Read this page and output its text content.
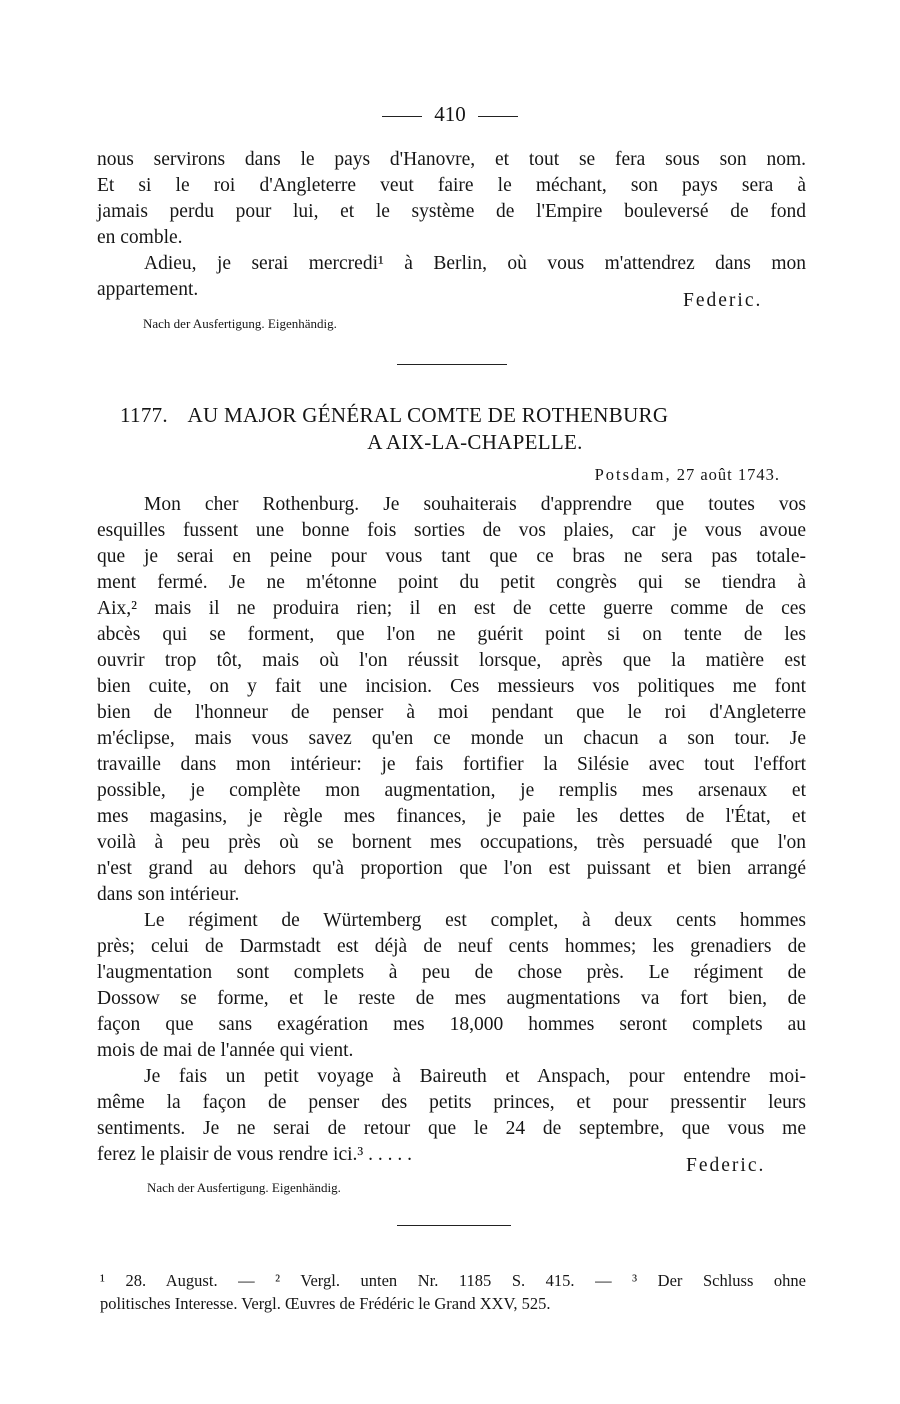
410
nous servirons dans le pays d'Hanovre, et tout se fera sous son nom.
Et si le roi d'Angleterre veut faire le méchant, son pays sera à
jamais perdu pour lui, et le système de l'Empire bouleversé de fond
en comble.
Adieu, je serai mercredi¹ à Berlin, où vous m'attendrez dans mon
appartement.
Federic.
Nach der Ausfertigung. Eigenhändig.
1177. AU MAJOR GÉNÉRAL COMTE DE ROTHENBURG
A AIX-LA-CHAPELLE.
Potsdam, 27 août 1743.
Mon cher Rothenburg. Je souhaiterais d'apprendre que toutes vos
esquilles fussent une bonne fois sorties de vos plaies, car je vous avoue
que je serai en peine pour vous tant que ce bras ne sera pas totale-
ment fermé. Je ne m'étonne point du petit congrès qui se tiendra à
Aix,² mais il ne produira rien; il en est de cette guerre comme de ces
abcès qui se forment, que l'on ne guérit point si on tente de les
ouvrir trop tôt, mais où l'on réussit lorsque, après que la matière est
bien cuite, on y fait une incision. Ces messieurs vos politiques me font
bien de l'honneur de penser à moi pendant que le roi d'Angleterre
m'éclipse, mais vous savez qu'en ce monde un chacun a son tour. Je
travaille dans mon intérieur: je fais fortifier la Silésie avec tout l'effort
possible, je complète mon augmentation, je remplis mes arsenaux et
mes magasins, je règle mes finances, je paie les dettes de l'État, et
voilà à peu près où se bornent mes occupations, très persuadé que l'on
n'est grand au dehors qu'à proportion que l'on est puissant et bien arrangé
dans son intérieur.
Le régiment de Würtemberg est complet, à deux cents hommes
près; celui de Darmstadt est déjà de neuf cents hommes; les grenadiers de
l'augmentation sont complets à peu de chose près. Le régiment de
Dossow se forme, et le reste de mes augmentations va fort bien, de
façon que sans exagération mes 18,000 hommes seront complets au
mois de mai de l'année qui vient.
Je fais un petit voyage à Baireuth et Anspach, pour entendre moi-
même la façon de penser des petits princes, et pour pressentir leurs
sentiments. Je ne serai de retour que le 24 de septembre, que vous me
ferez le plaisir de vous rendre ici.³ . . . . .
Federic.
Nach der Ausfertigung. Eigenhändig.
¹ 28. August. — ² Vergl. unten Nr. 1185 S. 415. — ³ Der Schluss ohne
politisches Interesse. Vergl. Œuvres de Frédéric le Grand XXV, 525.
